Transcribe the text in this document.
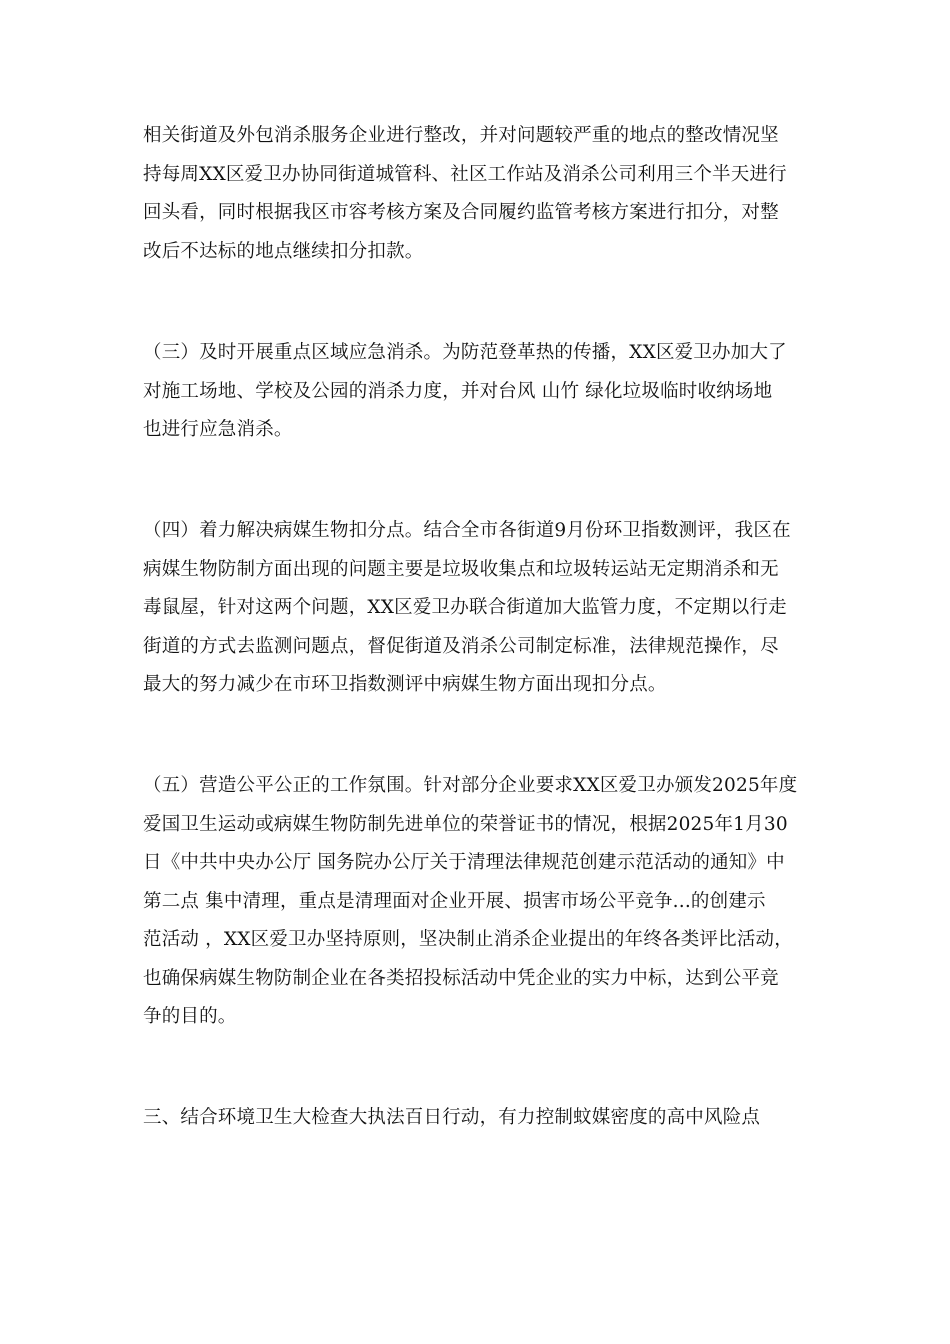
相关街道及外包消杀服务企业进行整改，并对问题较严重的地点的整改情况坚
持每周XX区爱卫办协同街道城管科、社区工作站及消杀公司利用三个半天进行
回头看，同时根据我区市容考核方案及合同履约监管考核方案进行扣分，对整
改后不达标的地点继续扣分扣款。

（三）及时开展重点区域应急消杀。为防范登革热的传播，XX区爱卫办加大了
对施工场地、学校及公园的消杀力度，并对台风 山竹 绿化垃圾临时收纳场地
也进行应急消杀。

（四）着力解决病媒生物扣分点。结合全市各街道9月份环卫指数测评，我区在
病媒生物防制方面出现的问题主要是垃圾收集点和垃圾转运站无定期消杀和无
毒鼠屋，针对这两个问题，XX区爱卫办联合街道加大监管力度，不定期以行走
街道的方式去监测问题点，督促街道及消杀公司制定标准，法律规范操作，尽
最大的努力减少在市环卫指数测评中病媒生物方面出现扣分点。

（五）营造公平公正的工作氛围。针对部分企业要求XX区爱卫办颁发2025年度
爱国卫生运动或病媒生物防制先进单位的荣誉证书的情况，根据2025年1月30
日《中共中央办公厅 国务院办公厅关于清理法律规范创建示范活动的通知》中
第二点 集中清理，重点是清理面对企业开展、损害市场公平竞争...的创建示
范活动 ，XX区爱卫办坚持原则，坚决制止消杀企业提出的年终各类评比活动，
也确保病媒生物防制企业在各类招投标活动中凭企业的实力中标，达到公平竞
争的目的。

三、结合环境卫生大检查大执法百日行动，有力控制蚊媒密度的高中风险点
